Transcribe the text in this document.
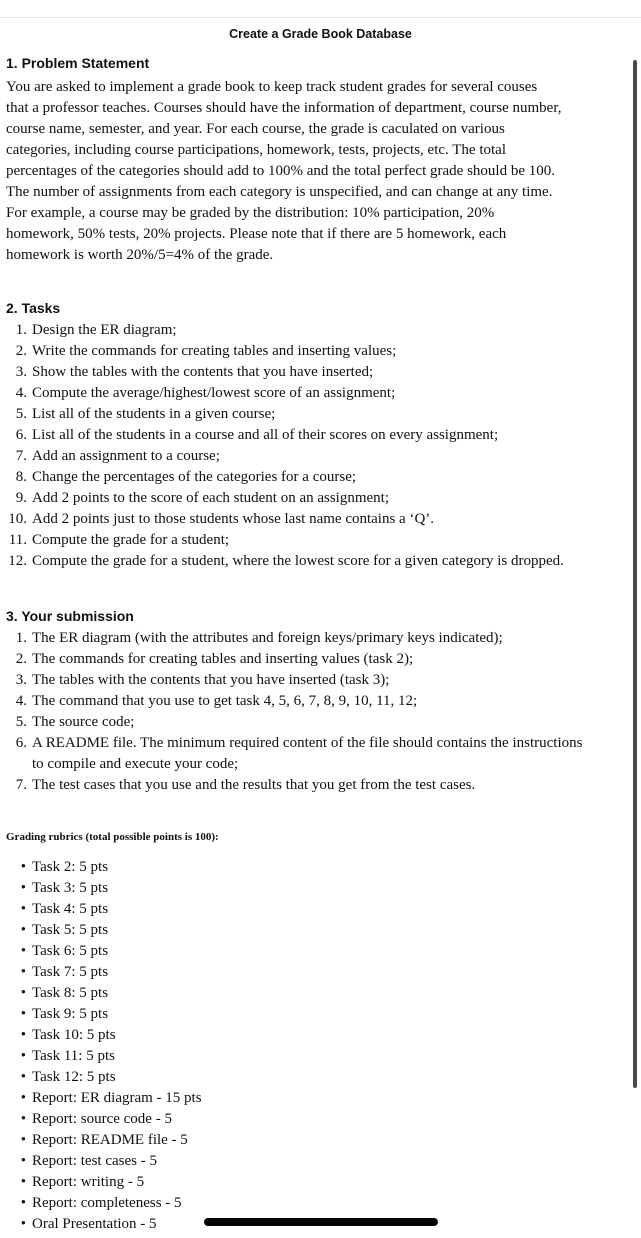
Create a Grade Book Database
1. Problem Statement
You are asked to implement a grade book to keep track student grades for several couses
that a professor teaches. Courses should have the information of department, course number,
course name, semester, and year. For each course, the grade is caculated on various
categories, including course participations, homework, tests, projects, etc. The total
percentages of the categories should add to 100% and the total perfect grade should be 100.
The number of assignments from each category is unspecified, and can change at any time.
For example, a course may be graded by the distribution: 10% participation, 20%
homework, 50% tests, 20% projects. Please note that if there are 5 homework, each
homework is worth 20%/5=4% of the grade.
2. Tasks
1. Design the ER diagram;
2. Write the commands for creating tables and inserting values;
3. Show the tables with the contents that you have inserted;
4. Compute the average/highest/lowest score of an assignment;
5. List all of the students in a given course;
6. List all of the students in a course and all of their scores on every assignment;
7. Add an assignment to a course;
8. Change the percentages of the categories for a course;
9. Add 2 points to the score of each student on an assignment;
10. Add 2 points just to those students whose last name contains a ‘Q’.
11. Compute the grade for a student;
12. Compute the grade for a student, where the lowest score for a given category is dropped.
3. Your submission
1. The ER diagram (with the attributes and foreign keys/primary keys indicated);
2. The commands for creating tables and inserting values (task 2);
3. The tables with the contents that you have inserted (task 3);
4. The command that you use to get task 4, 5, 6, 7, 8, 9, 10, 11, 12;
5. The source code;
6. A README file. The minimum required content of the file should contains the instructions to compile and execute your code;
7. The test cases that you use and the results that you get from the test cases.
Grading rubrics (total possible points is 100):
• Task 2: 5 pts
• Task 3: 5 pts
• Task 4: 5 pts
• Task 5: 5 pts
• Task 6: 5 pts
• Task 7: 5 pts
• Task 8: 5 pts
• Task 9: 5 pts
• Task 10: 5 pts
• Task 11: 5 pts
• Task 12: 5 pts
• Report: ER diagram - 15 pts
• Report: source code - 5
• Report: README file - 5
• Report: test cases - 5
• Report: writing - 5
• Report: completeness - 5
• Oral Presentation - 5
